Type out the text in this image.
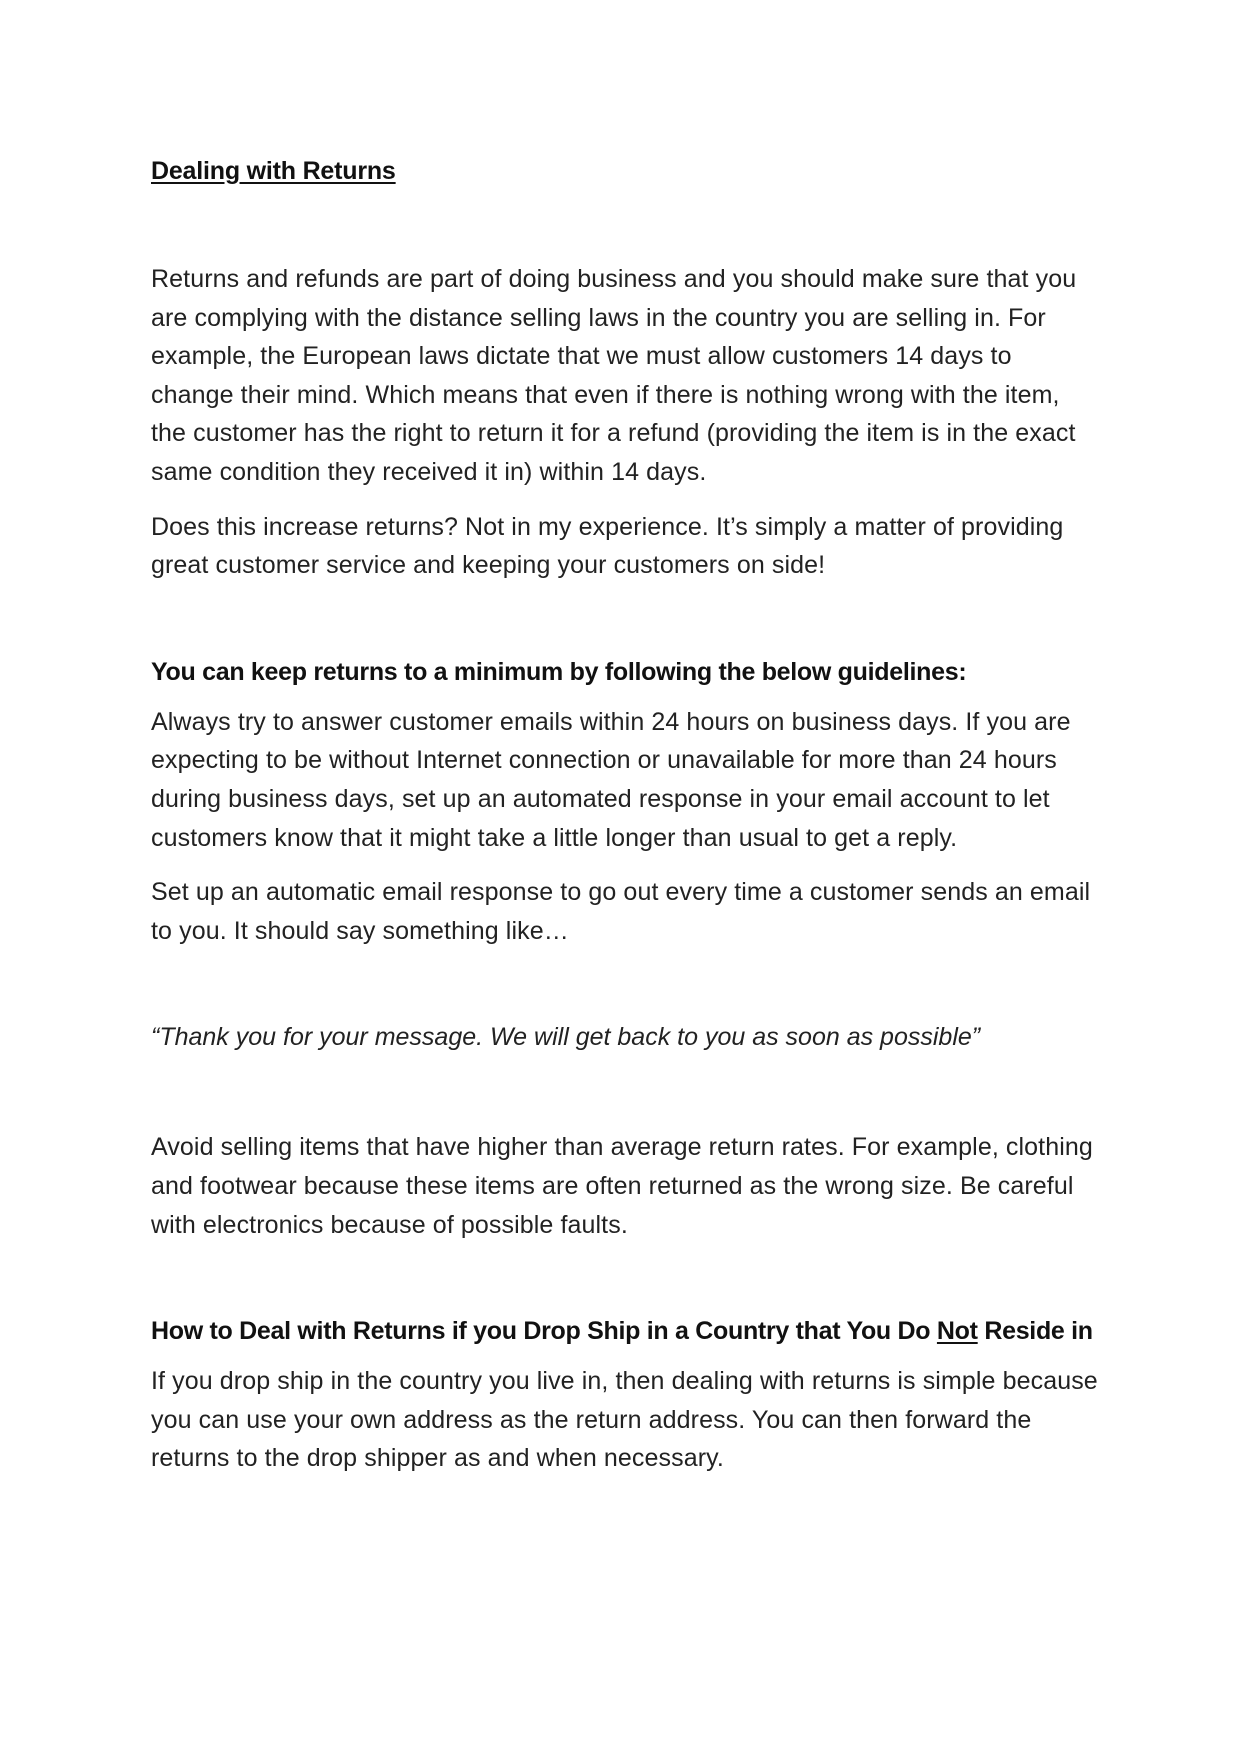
Dealing with Returns

Returns and refunds are part of doing business and you should make sure that you are complying with the distance selling laws in the country you are selling in. For example, the European laws dictate that we must allow customers 14 days to change their mind. Which means that even if there is nothing wrong with the item, the customer has the right to return it for a refund (providing the item is in the exact same condition they received it in) within 14 days.

Does this increase returns? Not in my experience. It’s simply a matter of providing great customer service and keeping your customers on side!

You can keep returns to a minimum by following the below guidelines:

Always try to answer customer emails within 24 hours on business days. If you are expecting to be without Internet connection or unavailable for more than 24 hours during business days, set up an automated response in your email account to let customers know that it might take a little longer than usual to get a reply.

Set up an automatic email response to go out every time a customer sends an email to you. It should say something like…

“Thank you for your message. We will get back to you as soon as possible”

Avoid selling items that have higher than average return rates. For example, clothing and footwear because these items are often returned as the wrong size. Be careful with electronics because of possible faults.

How to Deal with Returns if you Drop Ship in a Country that You Do Not Reside in

If you drop ship in the country you live in, then dealing with returns is simple because you can use your own address as the return address. You can then forward the returns to the drop shipper as and when necessary.
